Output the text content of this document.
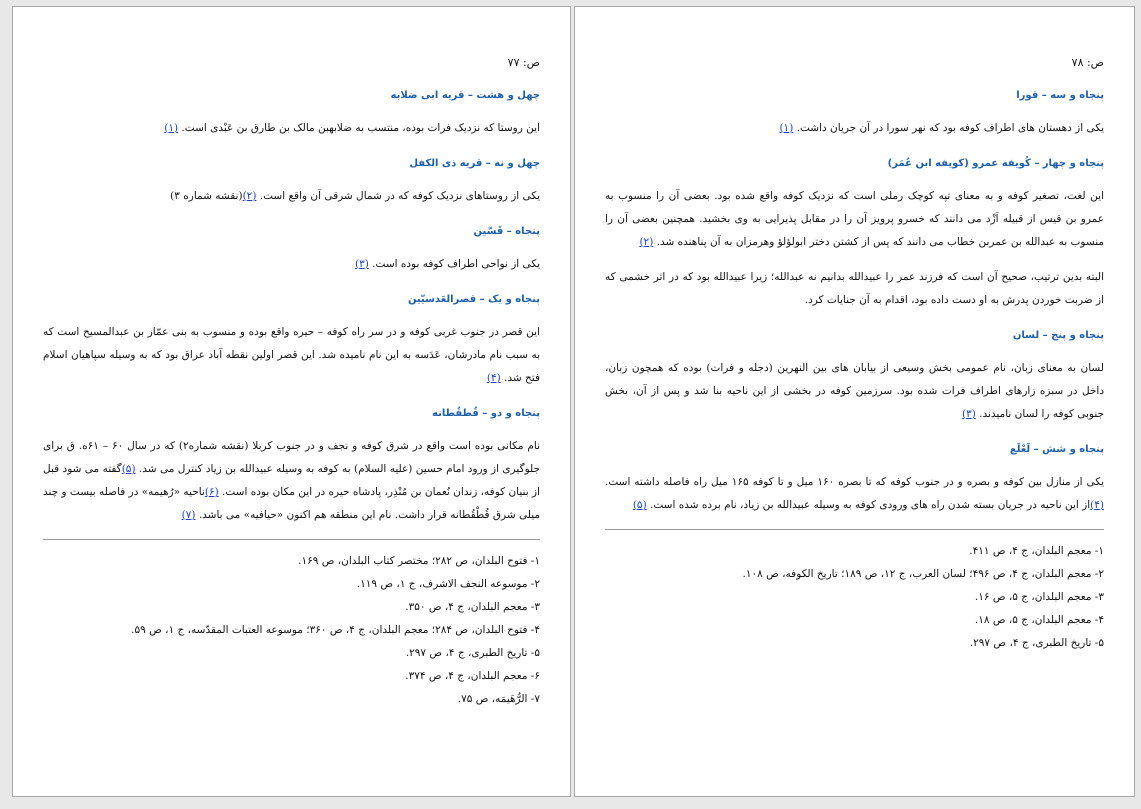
ص: ۷۷

چهل و هشت – قریه ابی ضلابه

این روستا که نزدیک فرات بوده، منتسب به ضلابهبن مالک بن طارق بن عَبْدی است. (۱)

چهل و نه – قریه ذی الکفل

یکی از روستاهای نزدیک کوفه که در شمال شرقی آن واقع است. (۲)(نقشه شماره ۳)

پنجاه – قَسّین

یکی از نواحی اطراف کوفه بوده است. (۳)

پنجاه و یک – قصرالعَدسیّین

این قصر در جنوب غربی کوفه و در سر راه کوفه – حیره واقع بوده و منسوب به بنی عمّار بن عبدالمسیح است که به سبب نام مادرشان، عَدَسه به این نام نامیده شد. این قصر اولین نقطه آباد عراق بود که به وسیله سپاهیان اسلام فتح شد. (۴)

پنجاه و دو – قُطقُطانه

نام مکانی بوده است واقع در شرق کوفه و نجف و در جنوب کربلا (نقشه شماره۲) که در سال ۶۰ – ۶۱ه. ق برای جلوگیری از ورود امام حسین (علیه السلام) به کوفه به وسیله عبیدالله بن زیاد کنترل می شد. (۵)گفته می شود قبل از بنیان کوفه، زندان نُعمان بن مُنْذِر، پادشاه حیره در این مکان بوده است. (۶)ناحیه «رُهیمه» در فاصله بیست و چند میلی شرق قُطْقُطانه قرار داشت. نام این منطقه هم اکنون «حیافیه» می باشد. (۷)

۱- فتوح البلدان، ص ۲۸۲؛ مختصر کتاب البلدان، ص ۱۶۹.
۲- موسوعه النجف الاشرف، ج ۱، ص ۱۱۹.
۳- معجم البلدان، ج ۴، ص ۳۵۰.
۴- فتوح البلدان، ص ۲۸۴؛ معجم البلدان، ج ۴، ص ۳۶۰؛ موسوعه العتبات المقدّسه، ج ۱، ص ۵۹.
۵- تاریخ الطبری، ج ۴، ص ۲۹۷.
۶- معجم البلدان، ج ۴، ص ۳۷۴.
۷- الرُّهَیمَه، ص ۷۵.

ص: ۷۸

پنجاه و سه – قورا

یکی از دهستان های اطراف کوفه بود که نهر سورا در آن جریان داشت. (۱)

پنجاه و چهار – کُویفه عمرو (کویفه ابن عُمَر)

این لغت، تصغیر کوفه و به معنای تپه کوچک رملی است که نزدیک کوفه واقع شده بود. بعضی آن را منسوب به عمرو بن قیس از قبیله اَزْد می دانند که خسرو پرویز آن را در مقابل پذیرایی به وی بخشید. همچنین بعضی آن را منسوب به عبدالله بن عمربن خطاب می دانند که پس از کشتن دختر ابولؤلؤ وهرمزان به آن پناهنده شد. (۲)

البته بدین ترتیب، صحیح آن است که فرزند عمر را عبیدالله بدانیم نه عبدالله؛ زیرا عبیدالله بود که در اثر خشمی که از ضربت خوردن پدرش به او دست داده بود، اقدام به آن جنایات کرد.

پنجاه و پنج – لسان

لسان به معنای زبان، نام عمومی بخش وسیعی از بیابان های بین النهرین (دجله و فرات) بوده که همچون زبان، داخل در سبزه زارهای اطراف فرات شده بود. سرزمین کوفه در بخشی از این ناحیه بنا شد و پس از آن، بخش جنوبی کوفه را لسان نامیدند. (۳)

پنجاه و شش – لَعْلَع

یکی از منازل بین کوفه و بصره و در جنوب کوفه که تا بصره ۱۶۰ میل و تا کوفه ۱۶۵ میل راه فاصله داشته است. (۴)از این ناحیه در جریان بسته شدن راه های ورودی کوفه به وسیله عبیدالله بن زیاد، نام برده شده است. (۵)

۱- معجم البلدان، ج ۴، ص ۴۱۱.
۲- معجم البلدان، ج ۴، ص ۴۹۶؛ لسان العرب، ج ۱۲، ص ۱۸۹؛ تاریخ الکوفه، ص ۱۰۸.
۳- معجم البلدان، ج ۵، ص ۱۶.
۴- معجم البلدان، ج ۵، ص ۱۸.
۵- تاریخ الطبری، ج ۴، ص ۲۹۷.
